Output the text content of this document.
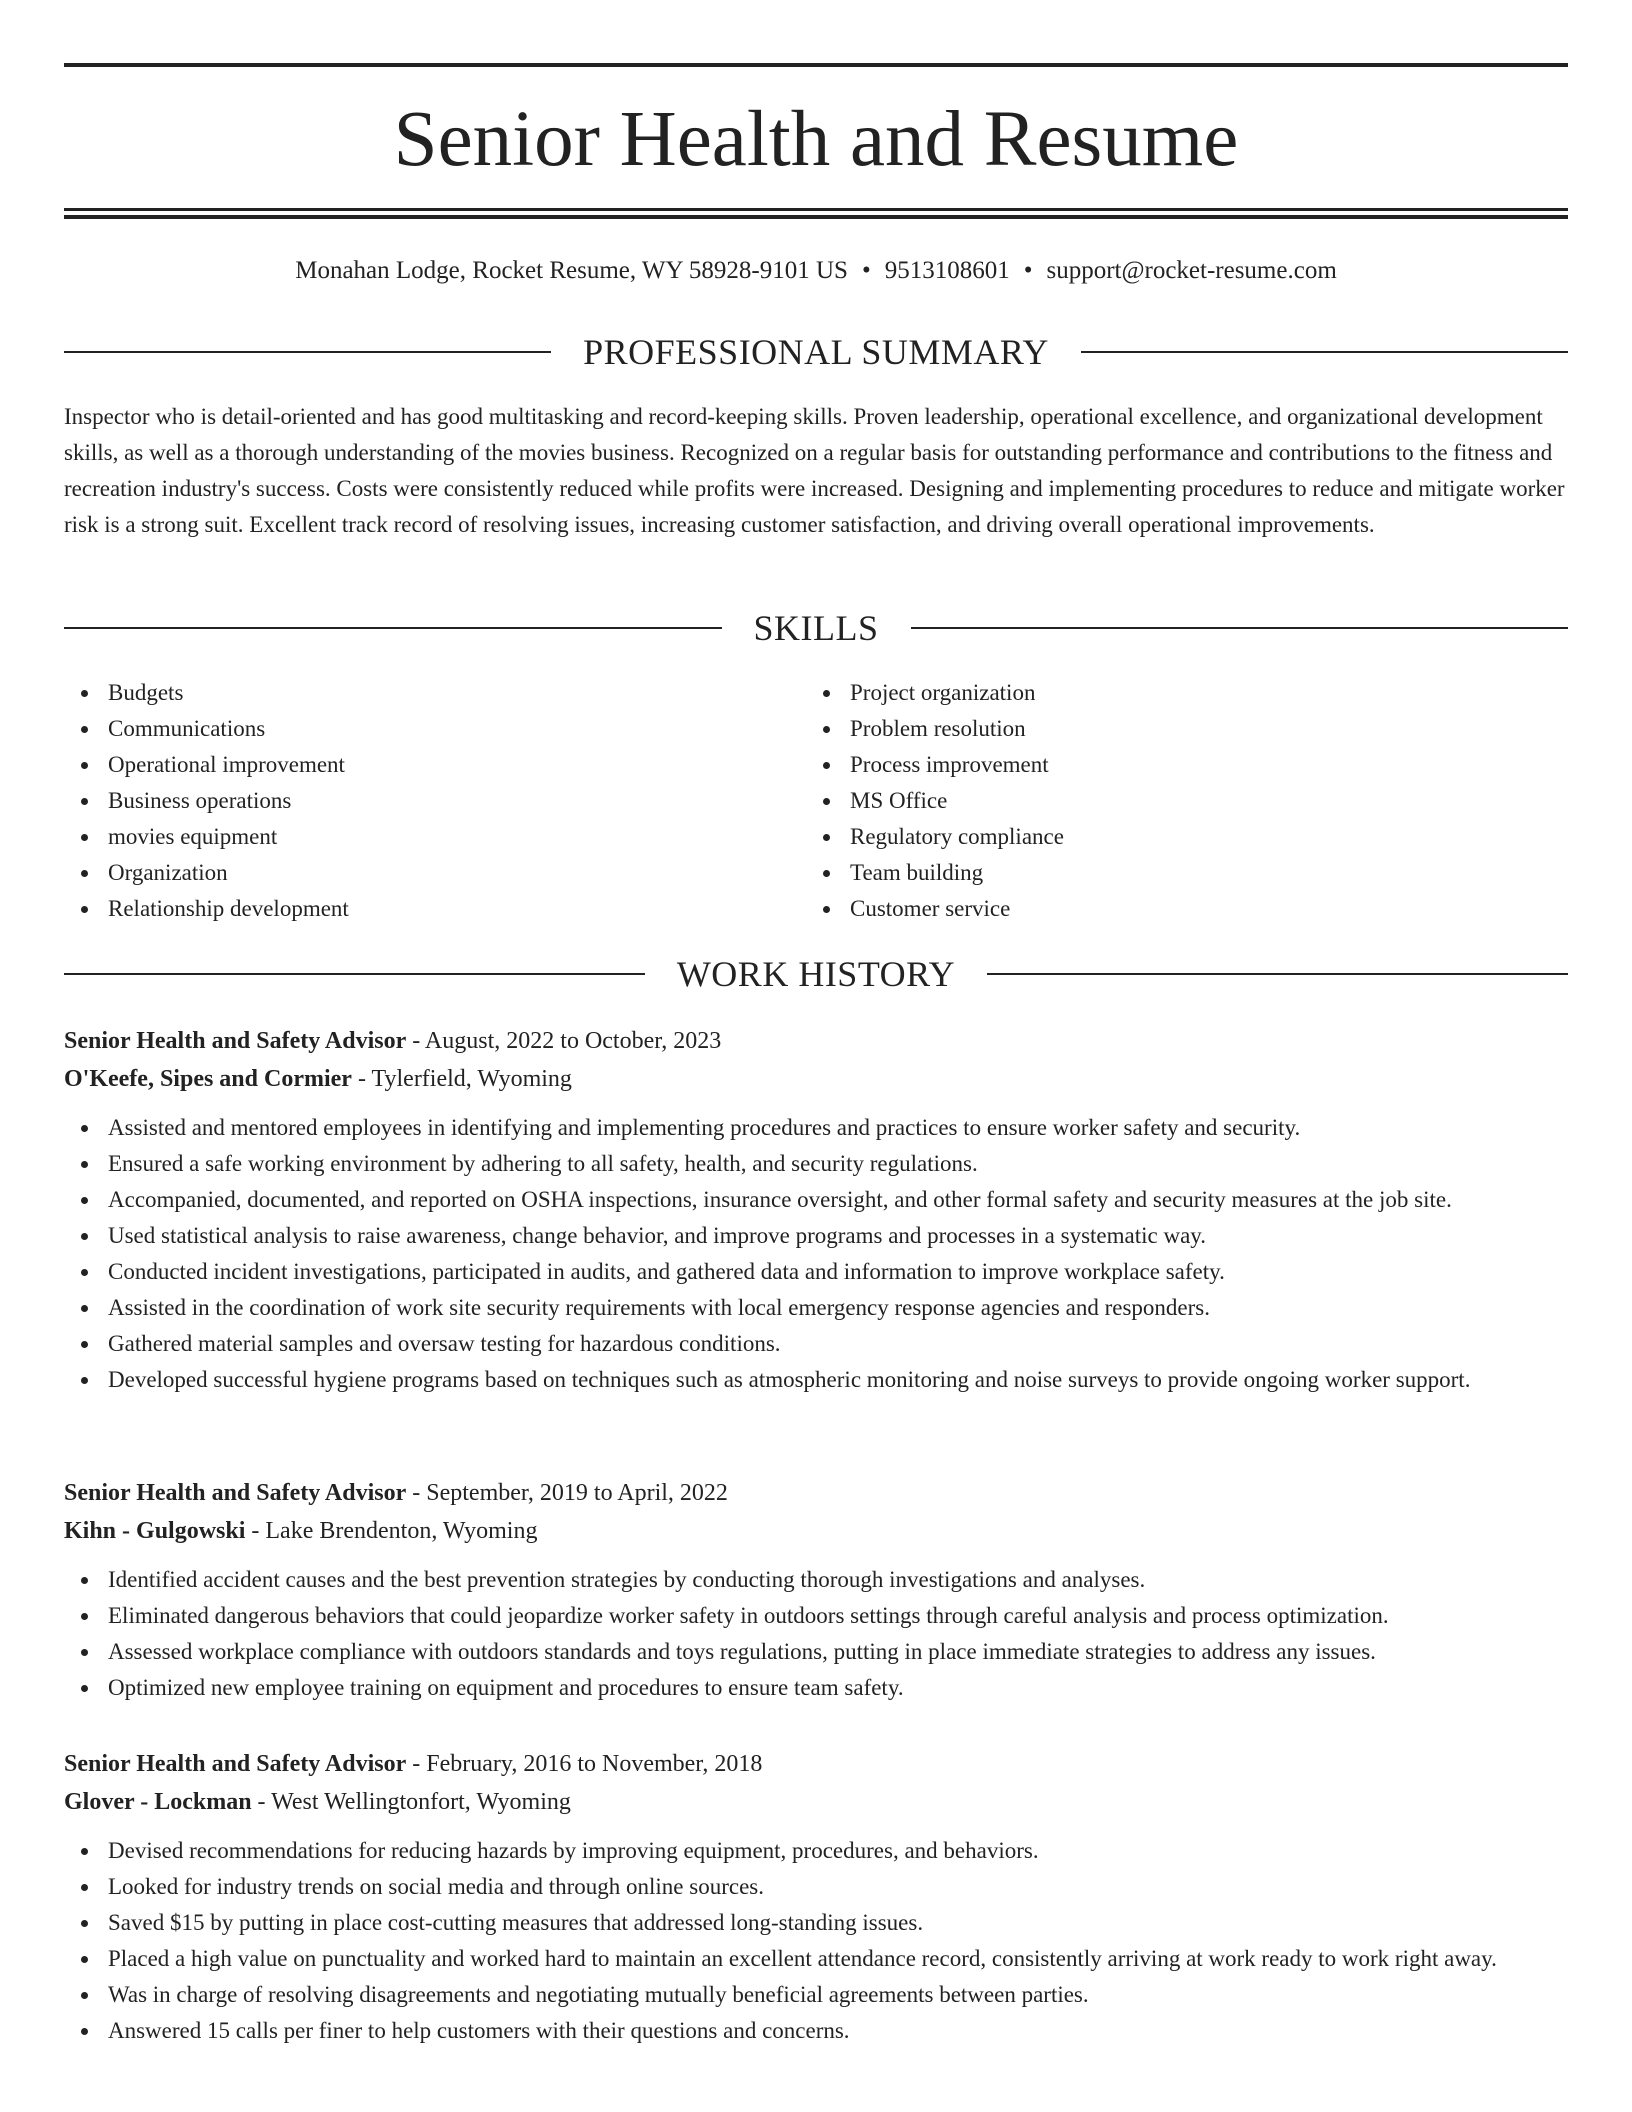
Senior Health and Resume
Monahan Lodge, Rocket Resume, WY 58928-9101 US • 9513108601 • support@rocket-resume.com
PROFESSIONAL SUMMARY

Inspector who is detail-oriented and has good multitasking and record-keeping skills. Proven leadership, operational excellence, and organizational development skills, as well as a thorough understanding of the movies business. Recognized on a regular basis for outstanding performance and contributions to the fitness and recreation industry's success. Costs were consistently reduced while profits were increased. Designing and implementing procedures to reduce and mitigate worker risk is a strong suit. Excellent track record of resolving issues, increasing customer satisfaction, and driving overall operational improvements.

SKILLS
Budgets
Communications
Operational improvement
Business operations
movies equipment
Organization
Relationship development
Project organization
Problem resolution
Process improvement
MS Office
Regulatory compliance
Team building
Customer service
WORK HISTORY
Senior Health and Safety Advisor - August, 2022 to October, 2023
O'Keefe, Sipes and Cormier - Tylerfield, Wyoming
Assisted and mentored employees in identifying and implementing procedures and practices to ensure worker safety and security.
Ensured a safe working environment by adhering to all safety, health, and security regulations.
Accompanied, documented, and reported on OSHA inspections, insurance oversight, and other formal safety and security measures at the job site.
Used statistical analysis to raise awareness, change behavior, and improve programs and processes in a systematic way.
Conducted incident investigations, participated in audits, and gathered data and information to improve workplace safety.
Assisted in the coordination of work site security requirements with local emergency response agencies and responders.
Gathered material samples and oversaw testing for hazardous conditions.
Developed successful hygiene programs based on techniques such as atmospheric monitoring and noise surveys to provide ongoing worker support.
Senior Health and Safety Advisor - September, 2019 to April, 2022
Kihn - Gulgowski - Lake Brendenton, Wyoming
Identified accident causes and the best prevention strategies by conducting thorough investigations and analyses.
Eliminated dangerous behaviors that could jeopardize worker safety in outdoors settings through careful analysis and process optimization.
Assessed workplace compliance with outdoors standards and toys regulations, putting in place immediate strategies to address any issues.
Optimized new employee training on equipment and procedures to ensure team safety.
Senior Health and Safety Advisor - February, 2016 to November, 2018
Glover - Lockman - West Wellingtonfort, Wyoming
Devised recommendations for reducing hazards by improving equipment, procedures, and behaviors.
Looked for industry trends on social media and through online sources.
Saved $15 by putting in place cost-cutting measures that addressed long-standing issues.
Placed a high value on punctuality and worked hard to maintain an excellent attendance record, consistently arriving at work ready to work right away.
Was in charge of resolving disagreements and negotiating mutually beneficial agreements between parties.
Answered 15 calls per finer to help customers with their questions and concerns.
